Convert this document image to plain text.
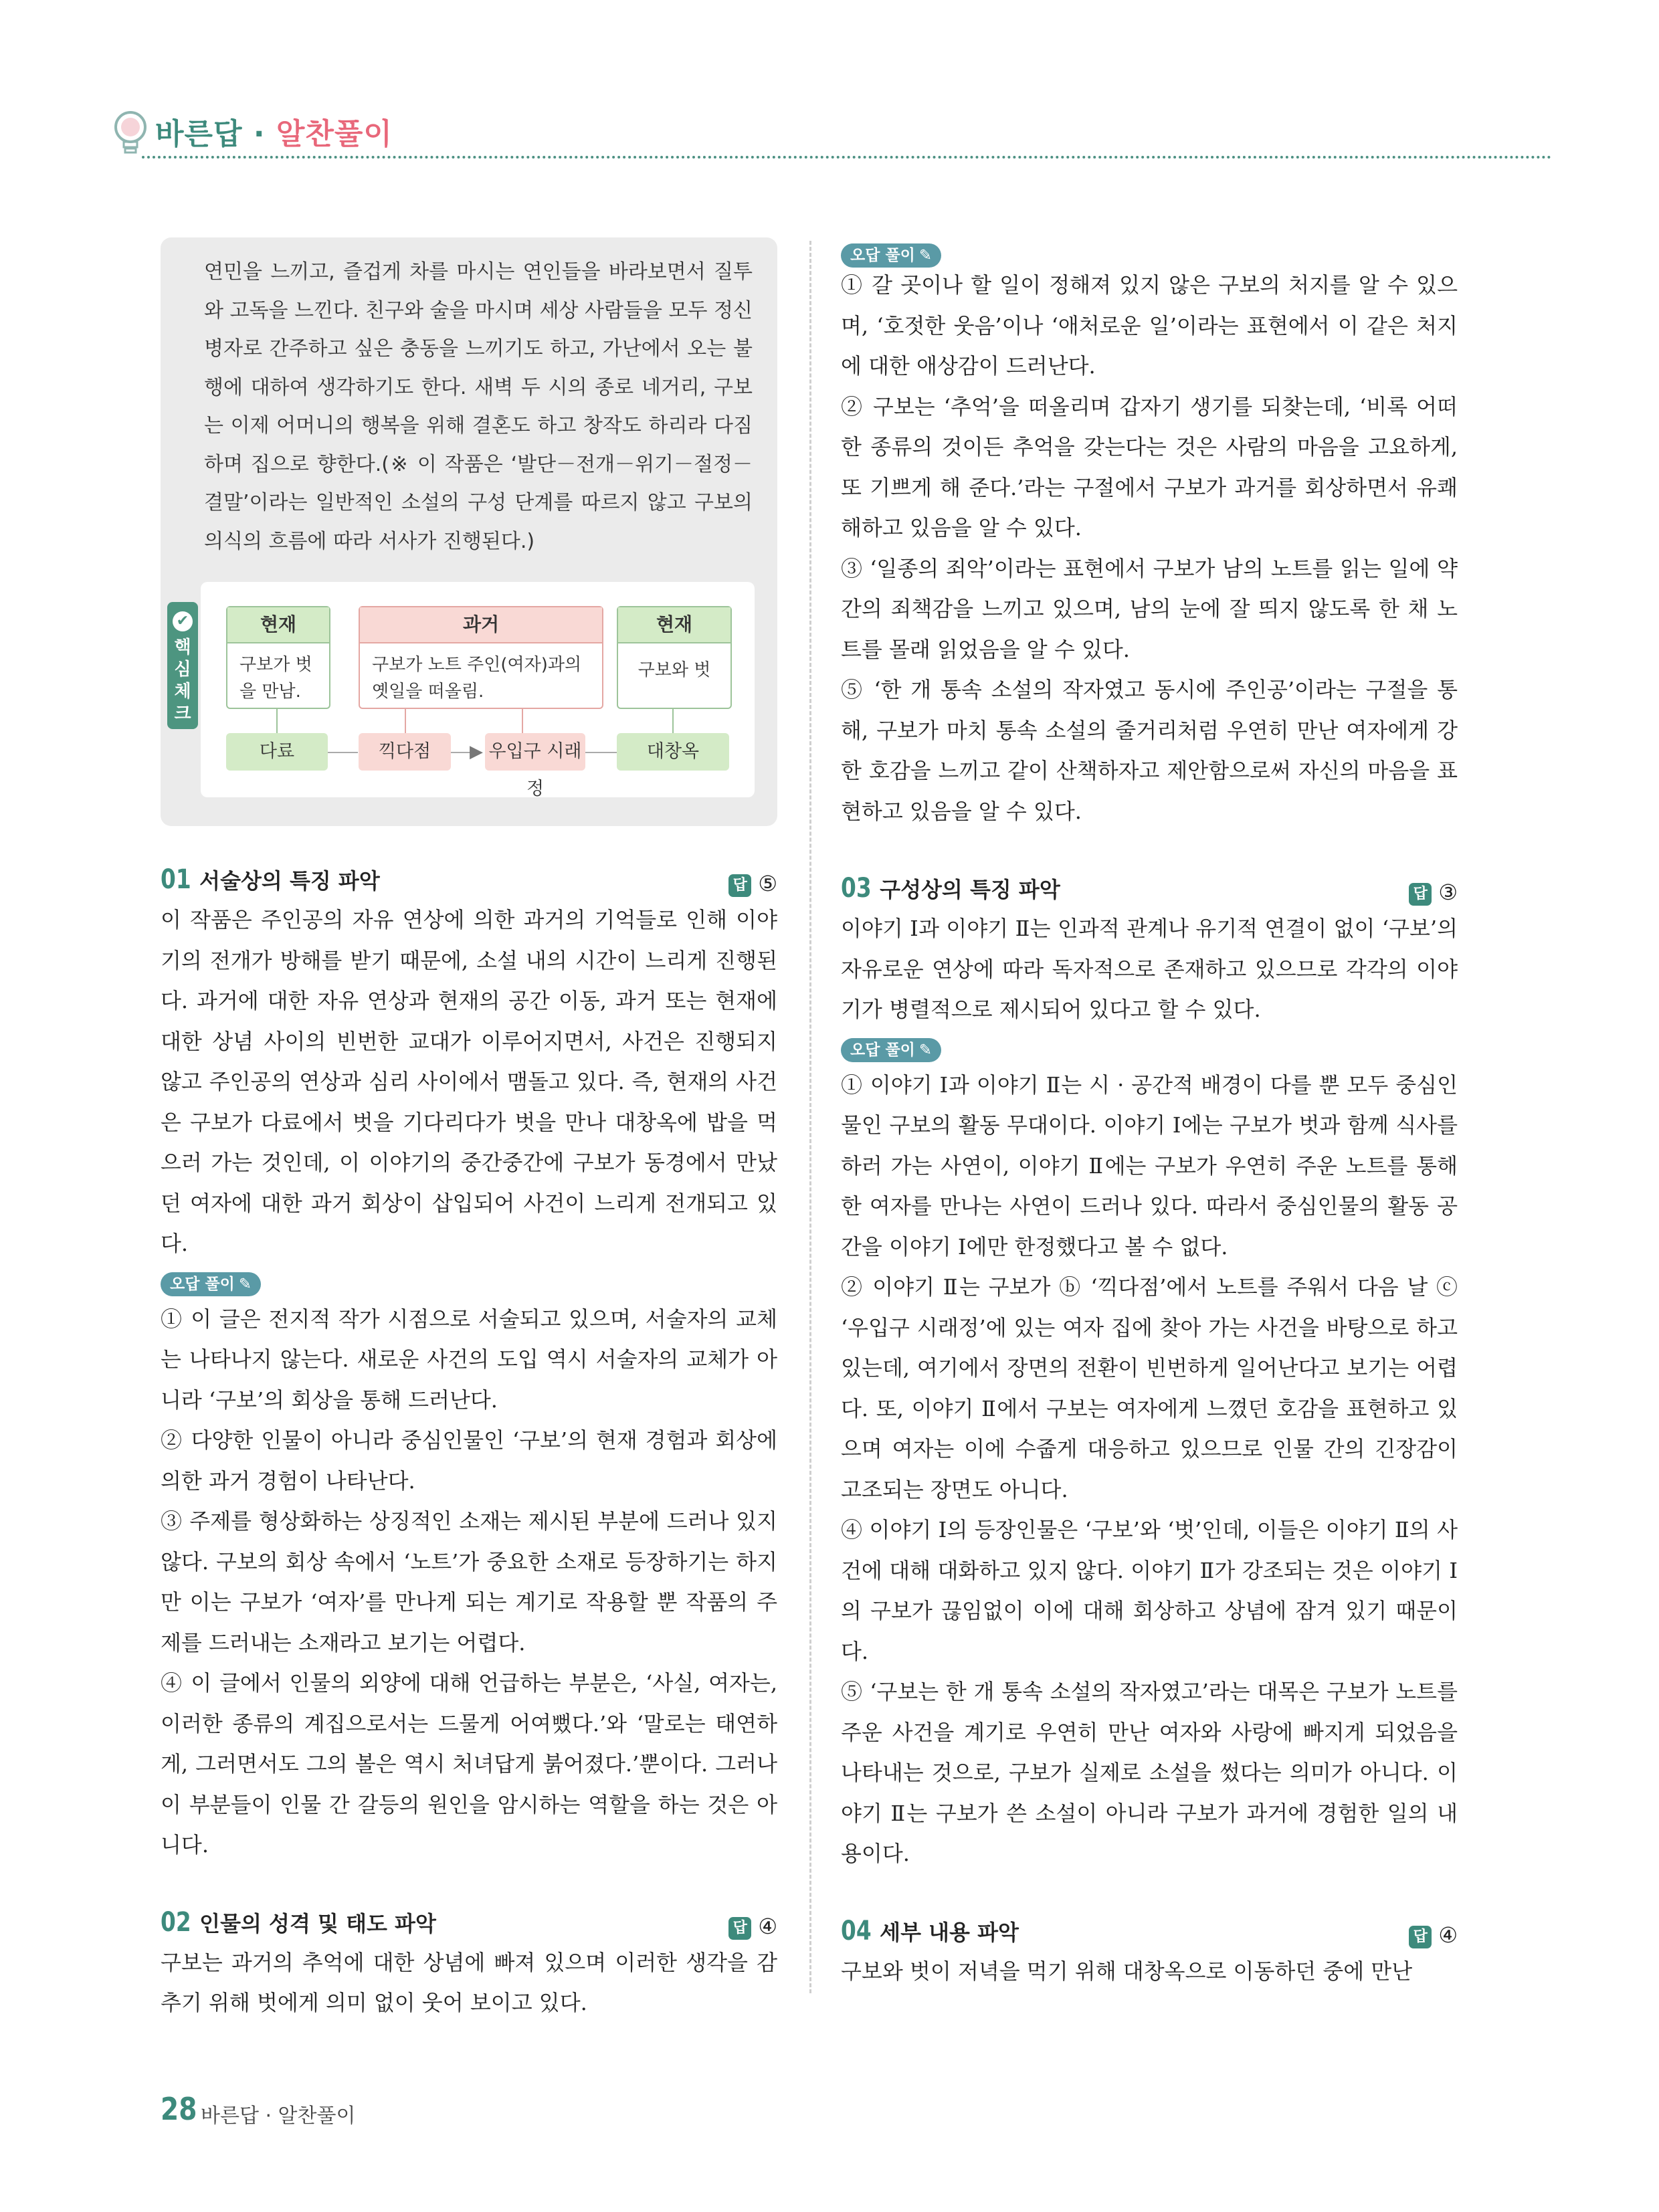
바른답 · 알찬풀이
연민을 느끼고, 즐겁게 차를 마시는 연인들을 바라보면서 질투와 고독을 느낀다. 친구와 술을 마시며 세상 사람들을 모두 정신병자로 간주하고 싶은 충동을 느끼기도 하고, 가난에서 오는 불행에 대하여 생각하기도 한다. 새벽 두 시의 종로 네거리, 구보는 이제 어머니의 행복을 위해 결혼도 하고 창작도 하리라 다짐하며 집으로 향한다.(※ 이 작품은 ‘발단－전개－위기－절정－결말’이라는 일반적인 소설의 구성 단계를 따르지 않고 구보의 의식의 흐름에 따라 서사가 진행된다.)
✔
핵심체크
현재
구보가 벗을 만남.
과거
구보가 노트 주인(여자)과의 옛일을 떠올림.
현재
구보와 벗
▶
다료	끽다점	우입구 시래정
대창옥
01 서술상의 특징 파악	답 ⑤

이 작품은 주인공의 자유 연상에 의한 과거의 기억들로 인해 이야기의 전개가 방해를 받기 때문에, 소설 내의 시간이 느리게 진행된다. 과거에 대한 자유 연상과 현재의 공간 이동, 과거 또는 현재에 대한 상념 사이의 빈번한 교대가 이루어지면서, 사건은 진행되지 않고 주인공의 연상과 심리 사이에서 맴돌고 있다. 즉, 현재의 사건은 구보가 다료에서 벗을 기다리다가 벗을 만나 대창옥에 밥을 먹으러 가는 것인데, 이 이야기의 중간중간에 구보가 동경에서 만났던 여자에 대한 과거 회상이 삽입되어 사건이 느리게 전개되고 있다.

오답 풀이 ✎

① 이 글은 전지적 작가 시점으로 서술되고 있으며, 서술자의 교체는 나타나지 않는다. 새로운 사건의 도입 역시 서술자의 교체가 아니라 ‘구보’의 회상을 통해 드러난다.

② 다양한 인물이 아니라 중심인물인 ‘구보’의 현재 경험과 회상에 의한 과거 경험이 나타난다.

③ 주제를 형상화하는 상징적인 소재는 제시된 부분에 드러나 있지 않다. 구보의 회상 속에서 ‘노트’가 중요한 소재로 등장하기는 하지만 이는 구보가 ‘여자’를 만나게 되는 계기로 작용할 뿐 작품의 주제를 드러내는 소재라고 보기는 어렵다.

④ 이 글에서 인물의 외양에 대해 언급하는 부분은, ‘사실, 여자는, 이러한 종류의 계집으로서는 드물게 어여뻤다.’와 ‘말로는 태연하게, 그러면서도 그의 볼은 역시 처녀답게 붉어졌다.’뿐이다. 그러나 이 부분들이 인물 간 갈등의 원인을 암시하는 역할을 하는 것은 아니다.

02 인물의 성격 및 태도 파악	답 ④

구보는 과거의 추억에 대한 상념에 빠져 있으며 이러한 생각을 감추기 위해 벗에게 의미 없이 웃어 보이고 있다.

오답 풀이 ✎

① 갈 곳이나 할 일이 정해져 있지 않은 구보의 처지를 알 수 있으며, ‘호젓한 웃음’이나 ‘애처로운 일’이라는 표현에서 이 같은 처지에 대한 애상감이 드러난다.

② 구보는 ‘추억’을 떠올리며 갑자기 생기를 되찾는데, ‘비록 어떠한 종류의 것이든 추억을 갖는다는 것은 사람의 마음을 고요하게, 또 기쁘게 해 준다.’라는 구절에서 구보가 과거를 회상하면서 유쾌해하고 있음을 알 수 있다.

③ ‘일종의 죄악’이라는 표현에서 구보가 남의 노트를 읽는 일에 약간의 죄책감을 느끼고 있으며, 남의 눈에 잘 띄지 않도록 한 채 노트를 몰래 읽었음을 알 수 있다.

⑤ ‘한 개 통속 소설의 작자였고 동시에 주인공’이라는 구절을 통해, 구보가 마치 통속 소설의 줄거리처럼 우연히 만난 여자에게 강한 호감을 느끼고 같이 산책하자고 제안함으로써 자신의 마음을 표현하고 있음을 알 수 있다.

03 구성상의 특징 파악	답 ③

이야기 Ⅰ과 이야기 Ⅱ는 인과적 관계나 유기적 연결이 없이 ‘구보’의 자유로운 연상에 따라 독자적으로 존재하고 있으므로 각각의 이야기가 병렬적으로 제시되어 있다고 할 수 있다.

오답 풀이 ✎

① 이야기 Ⅰ과 이야기 Ⅱ는 시 · 공간적 배경이 다를 뿐 모두 중심인물인 구보의 활동 무대이다. 이야기 Ⅰ에는 구보가 벗과 함께 식사를 하러 가는 사연이, 이야기 Ⅱ에는 구보가 우연히 주운 노트를 통해 한 여자를 만나는 사연이 드러나 있다. 따라서 중심인물의 활동 공간을 이야기 Ⅰ에만 한정했다고 볼 수 없다.

② 이야기 Ⅱ는 구보가 ⓑ ‘끽다점’에서 노트를 주워서 다음 날 ⓒ ‘우입구 시래정’에 있는 여자 집에 찾아 가는 사건을 바탕으로 하고 있는데, 여기에서 장면의 전환이 빈번하게 일어난다고 보기는 어렵다. 또, 이야기 Ⅱ에서 구보는 여자에게 느꼈던 호감을 표현하고 있으며 여자는 이에 수줍게 대응하고 있으므로 인물 간의 긴장감이 고조되는 장면도 아니다.

④ 이야기 Ⅰ의 등장인물은 ‘구보’와 ‘벗’인데, 이들은 이야기 Ⅱ의 사건에 대해 대화하고 있지 않다. 이야기 Ⅱ가 강조되는 것은 이야기 Ⅰ의 구보가 끊임없이 이에 대해 회상하고 상념에 잠겨 있기 때문이다.

⑤ ‘구보는 한 개 통속 소설의 작자였고’라는 대목은 구보가 노트를 주운 사건을 계기로 우연히 만난 여자와 사랑에 빠지게 되었음을 나타내는 것으로, 구보가 실제로 소설을 썼다는 의미가 아니다. 이야기 Ⅱ는 구보가 쓴 소설이 아니라 구보가 과거에 경험한 일의 내용이다.

04 세부 내용 파악	답 ④

구보와 벗이 저녁을 먹기 위해 대창옥으로 이동하던 중에 만난

28 바른답 · 알찬풀이
